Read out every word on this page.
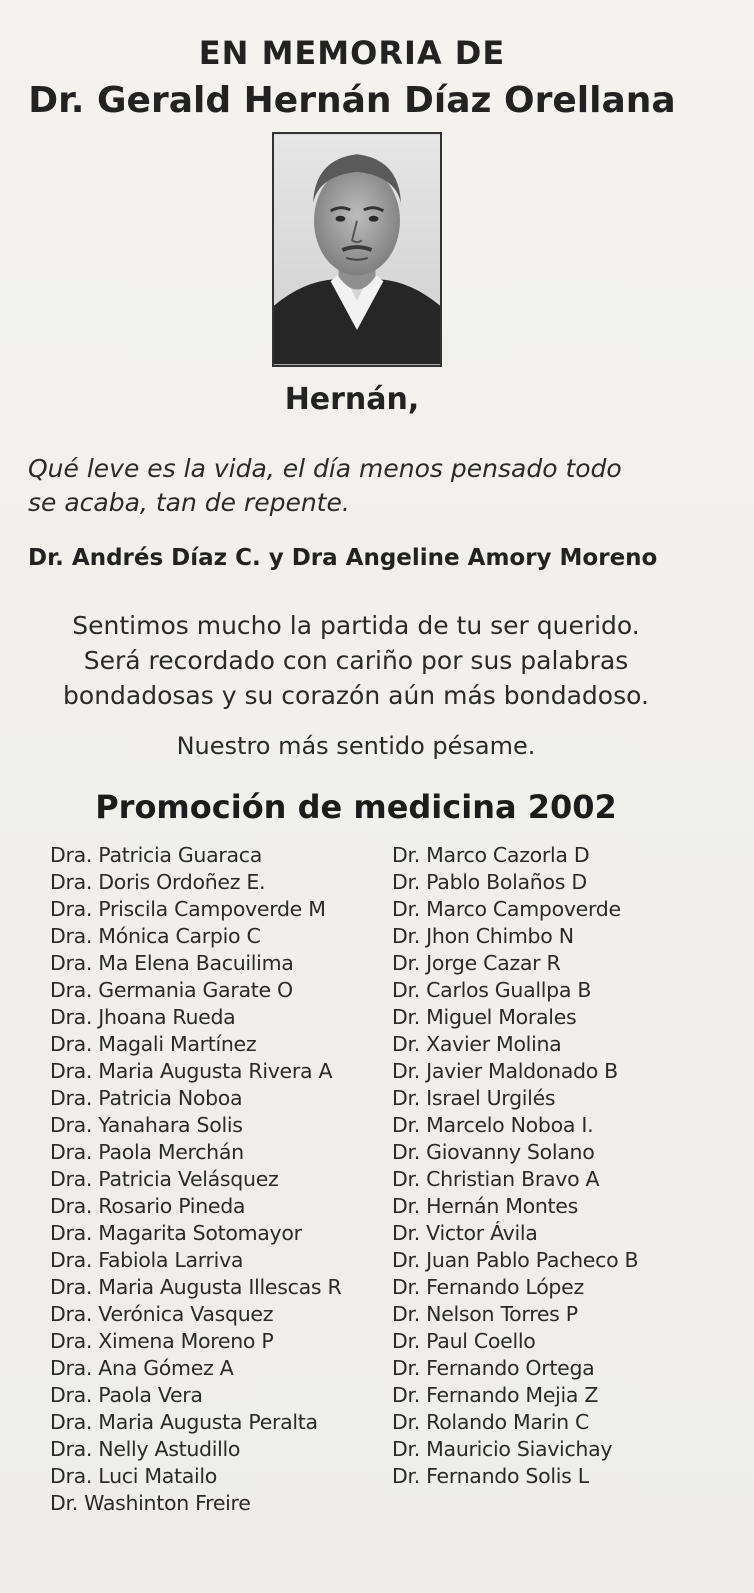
EN MEMORIA DE
Dr. Gerald Hernán Díaz Orellana
Hernán,
Qué leve es la vida, el día menos pensado todo
se acaba, tan de repente.
Dr. Andrés Díaz C. y Dra Angeline Amory Moreno
Sentimos mucho la partida de tu ser querido.
Será recordado con cariño por sus palabras
bondadosas y su corazón aún más bondadoso.
Nuestro más sentido pésame.
Promoción de medicina 2002
Dra. Patricia Guaraca
Dra. Doris Ordoñez E.
Dra. Priscila Campoverde M
Dra. Mónica Carpio C
Dra. Ma Elena Bacuilima
Dra. Germania Garate O
Dra. Jhoana Rueda
Dra. Magali Martínez
Dra. Maria Augusta Rivera A
Dra. Patricia Noboa
Dra. Yanahara Solis
Dra. Paola Merchán
Dra. Patricia Velásquez
Dra. Rosario Pineda
Dra. Magarita Sotomayor
Dra. Fabiola Larriva
Dra. Maria Augusta Illescas R
Dra. Verónica Vasquez
Dra. Ximena Moreno P
Dra. Ana Gómez A
Dra. Paola Vera
Dra. Maria Augusta Peralta
Dra. Nelly Astudillo
Dra. Luci Matailo
Dr. Washinton Freire
Dr. Marco Cazorla D
Dr. Pablo Bolaños D
Dr. Marco Campoverde
Dr. Jhon Chimbo N
Dr. Jorge Cazar R
Dr. Carlos Guallpa B
Dr. Miguel Morales
Dr. Xavier Molina
Dr. Javier Maldonado B
Dr. Israel Urgilés
Dr. Marcelo Noboa I.
Dr. Giovanny Solano
Dr. Christian Bravo A
Dr. Hernán Montes
Dr. Victor Ávila
Dr. Juan Pablo Pacheco B
Dr. Fernando López
Dr. Nelson Torres P
Dr. Paul Coello
Dr. Fernando Ortega
Dr. Fernando Mejia Z
Dr. Rolando Marin C
Dr. Mauricio Siavichay
Dr. Fernando Solis L
